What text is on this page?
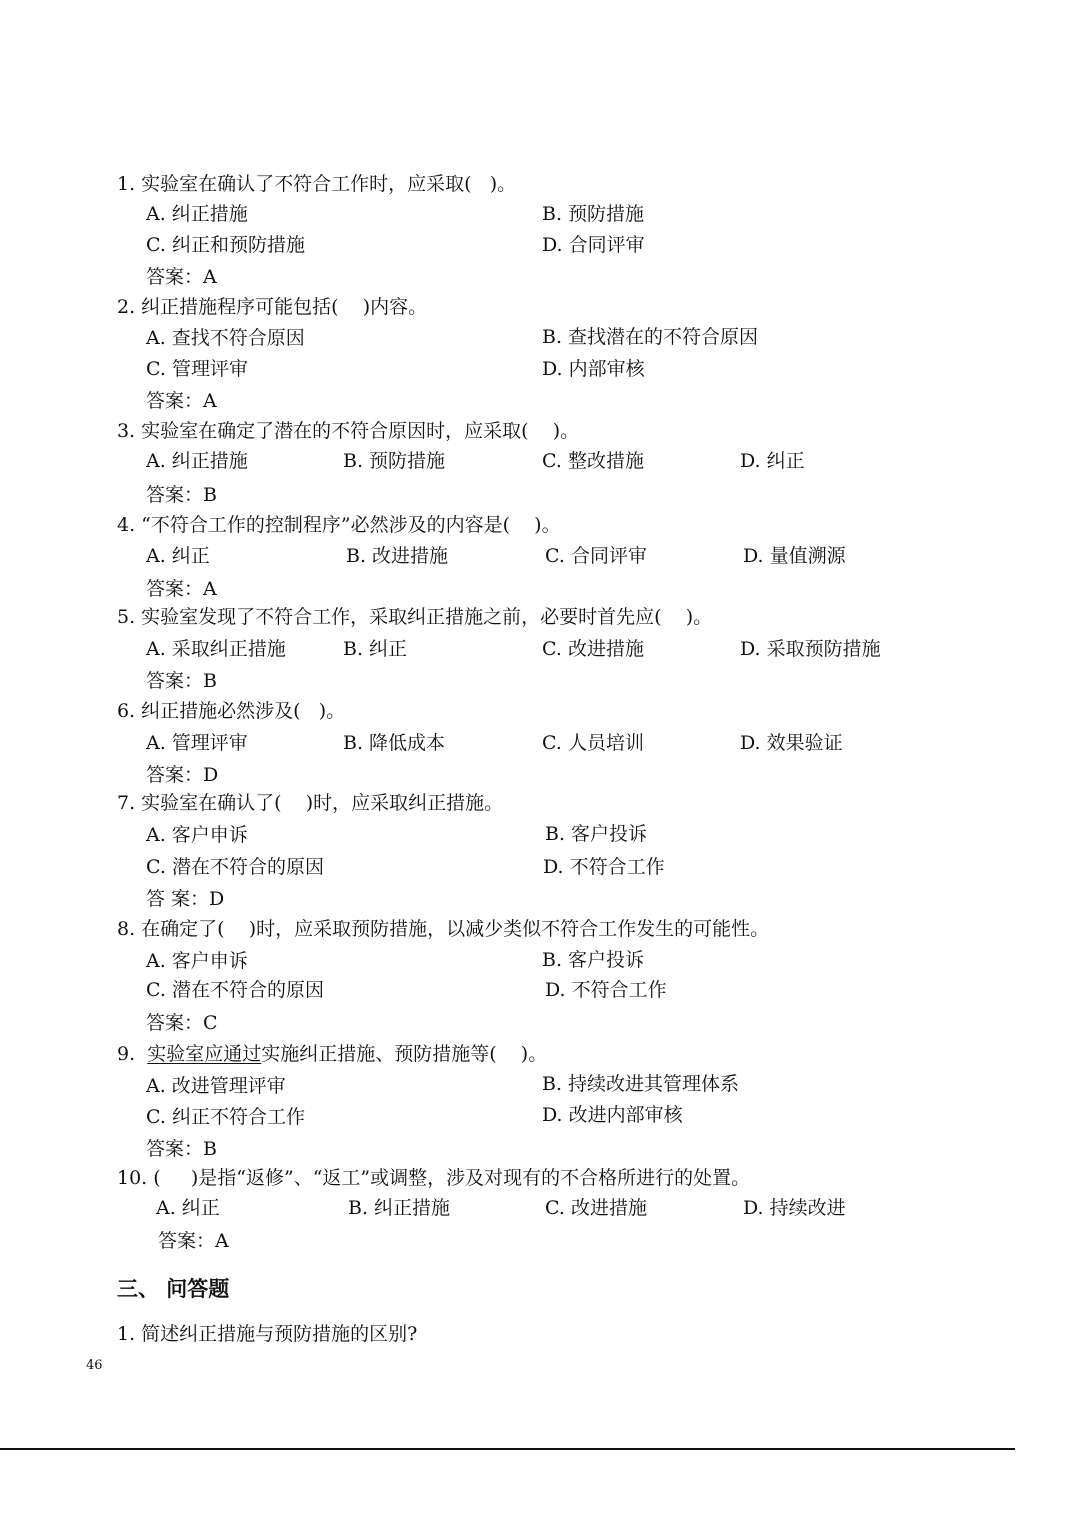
1. 实验室在确认了不符合工作时，应采取(   )。
A. 纠正措施	B. 预防措施
C. 纠正和预防措施	D. 合同评审
答案：A
2. 纠正措施程序可能包括(    )内容。
A. 查找不符合原因	B. 查找潜在的不符合原因
C. 管理评审	D. 内部审核
答案：A
3. 实验室在确定了潜在的不符合原因时，应采取(    )。
A. 纠正措施	B. 预防措施	C. 整改措施	D. 纠正
答案：B
4. “不符合工作的控制程序”必然涉及的内容是(    )。
A. 纠正	B. 改进措施	C. 合同评审	D. 量值溯源
答案：A
5. 实验室发现了不符合工作，采取纠正措施之前，必要时首先应(    )。
A. 采取纠正措施	B. 纠正	C. 改进措施	D. 采取预防措施
答案：B
6. 纠正措施必然涉及(   )。
A. 管理评审	B. 降低成本	C. 人员培训	D. 效果验证
答案：D
7. 实验室在确认了(    )时，应采取纠正措施。
A. 客户申诉	B. 客户投诉
C. 潜在不符合的原因	D. 不符合工作
答 案：D
8. 在确定了(    )时，应采取预防措施，以减少类似不符合工作发生的可能性。
A. 客户申诉	B. 客户投诉
C. 潜在不符合的原因	D. 不符合工作
答案：C
9.  实验室应通过实施纠正措施、预防措施等(    )。
A. 改进管理评审	B. 持续改进其管理体系
C. 纠正不符合工作	D. 改进内部审核
答案：B
10. (     )是指“返修”、“返工”或调整，涉及对现有的不合格所进行的处置。
A. 纠正	B. 纠正措施	C. 改进措施	D. 持续改进
答案：A
三、 问答题
1. 简述纠正措施与预防措施的区别?
46
